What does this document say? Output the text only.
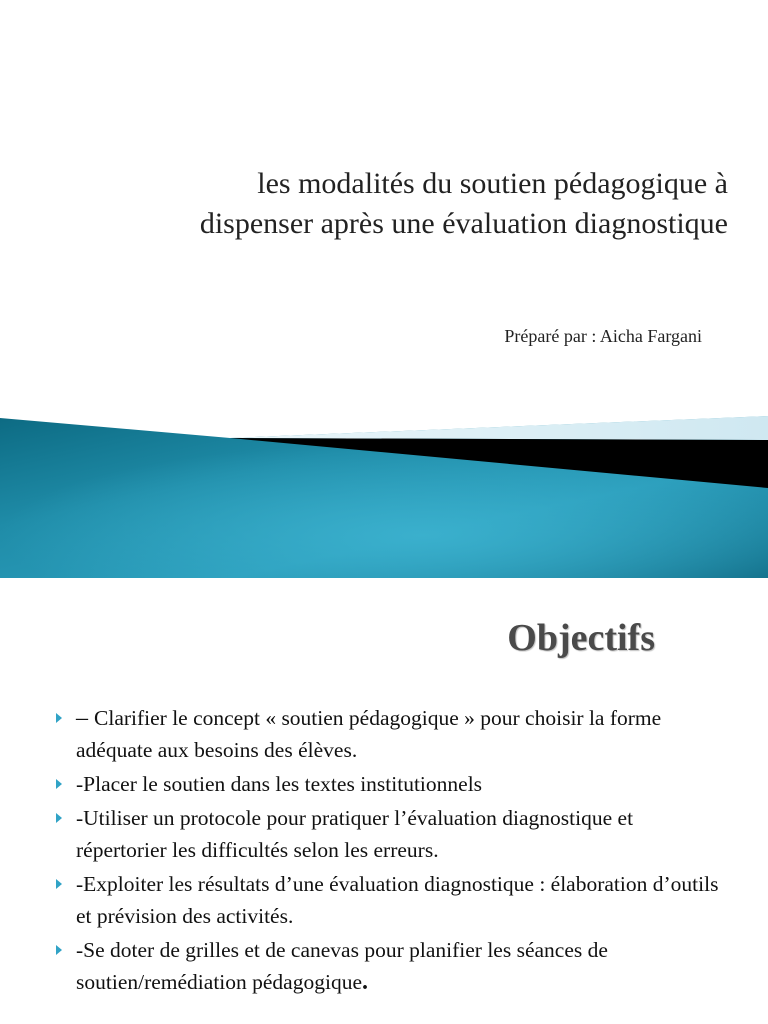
les modalités du soutien pédagogique à
dispenser après une évaluation diagnostique

Préparé par : Aicha Fargani

Objectifs
– Clarifier le concept « soutien pédagogique » pour choisir la forme adéquate aux besoins des élèves.
-Placer le soutien dans les textes institutionnels
-Utiliser un protocole pour pratiquer l’évaluation diagnostique et répertorier les difficultés selon les erreurs.
-Exploiter les résultats d’une évaluation diagnostique : élaboration d’outils et prévision des activités.
-Se doter de grilles et de canevas pour planifier les séances de soutien/remédiation pédagogique.
